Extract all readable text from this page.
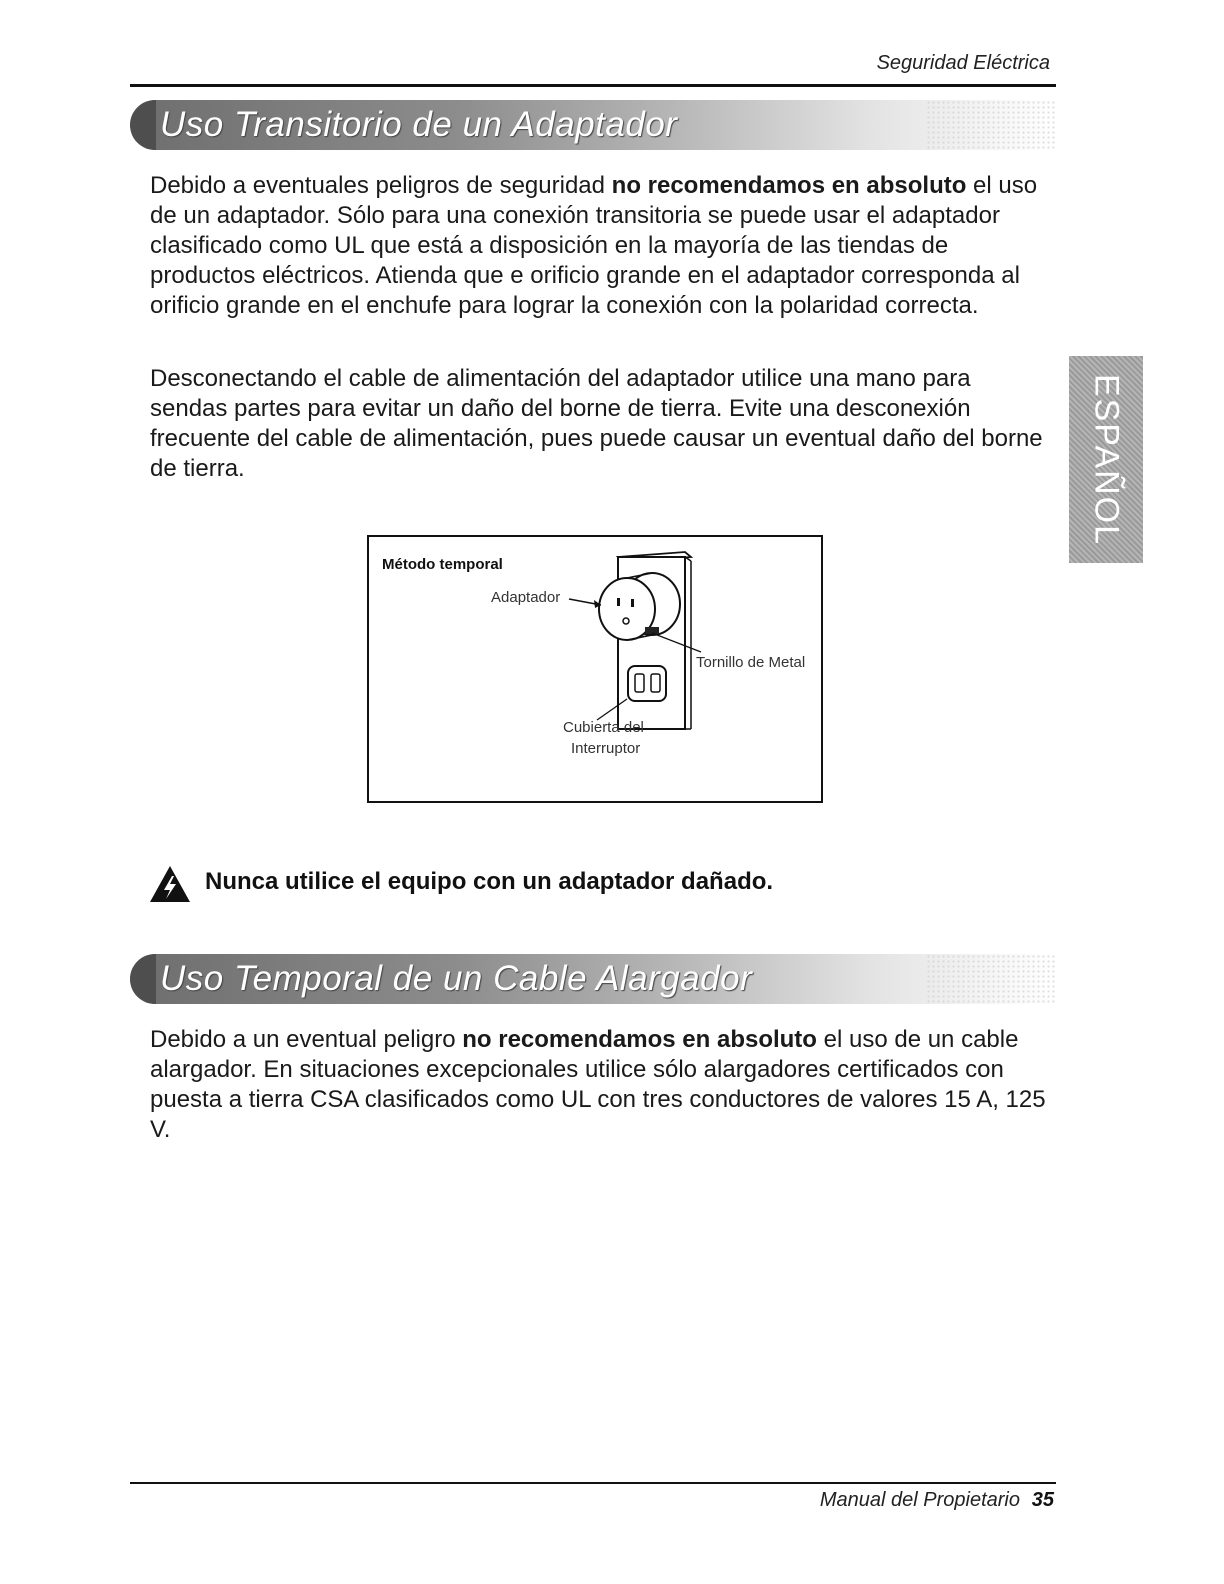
Seguridad Eléctrica
Uso Transitorio de un Adaptador

Debido a eventuales peligros de seguridad no recomendamos en absoluto el uso de un adaptador. Sólo para una conexión transitoria se puede usar el adaptador clasificado como UL que está a disposición en la mayoría de las tiendas de productos eléctricos. Atienda que e orificio grande en el adaptador corresponda al orificio grande en el enchufe para lograr la conexión con la polaridad correcta.

Desconectando el cable de alimentación del adaptador utilice una mano para sendas partes para evitar un daño del borne de tierra. Evite una desconexión frecuente del cable de alimentación, pues puede causar un eventual daño del borne de tierra.	ESPAÑOL
Método temporal
Adaptador
Tornillo de Metal
Cubierta del
Interruptor
Nunca utilice el equipo con un adaptador dañado.
Uso Temporal de un Cable Alargador

Debido a un eventual peligro no recomendamos en absoluto el uso de un cable alargador. En situaciones excepcionales utilice sólo alargadores certificados con puesta a tierra CSA clasificados como UL con tres conductores de valores 15 A, 125 V.

Manual del Propietario 35
